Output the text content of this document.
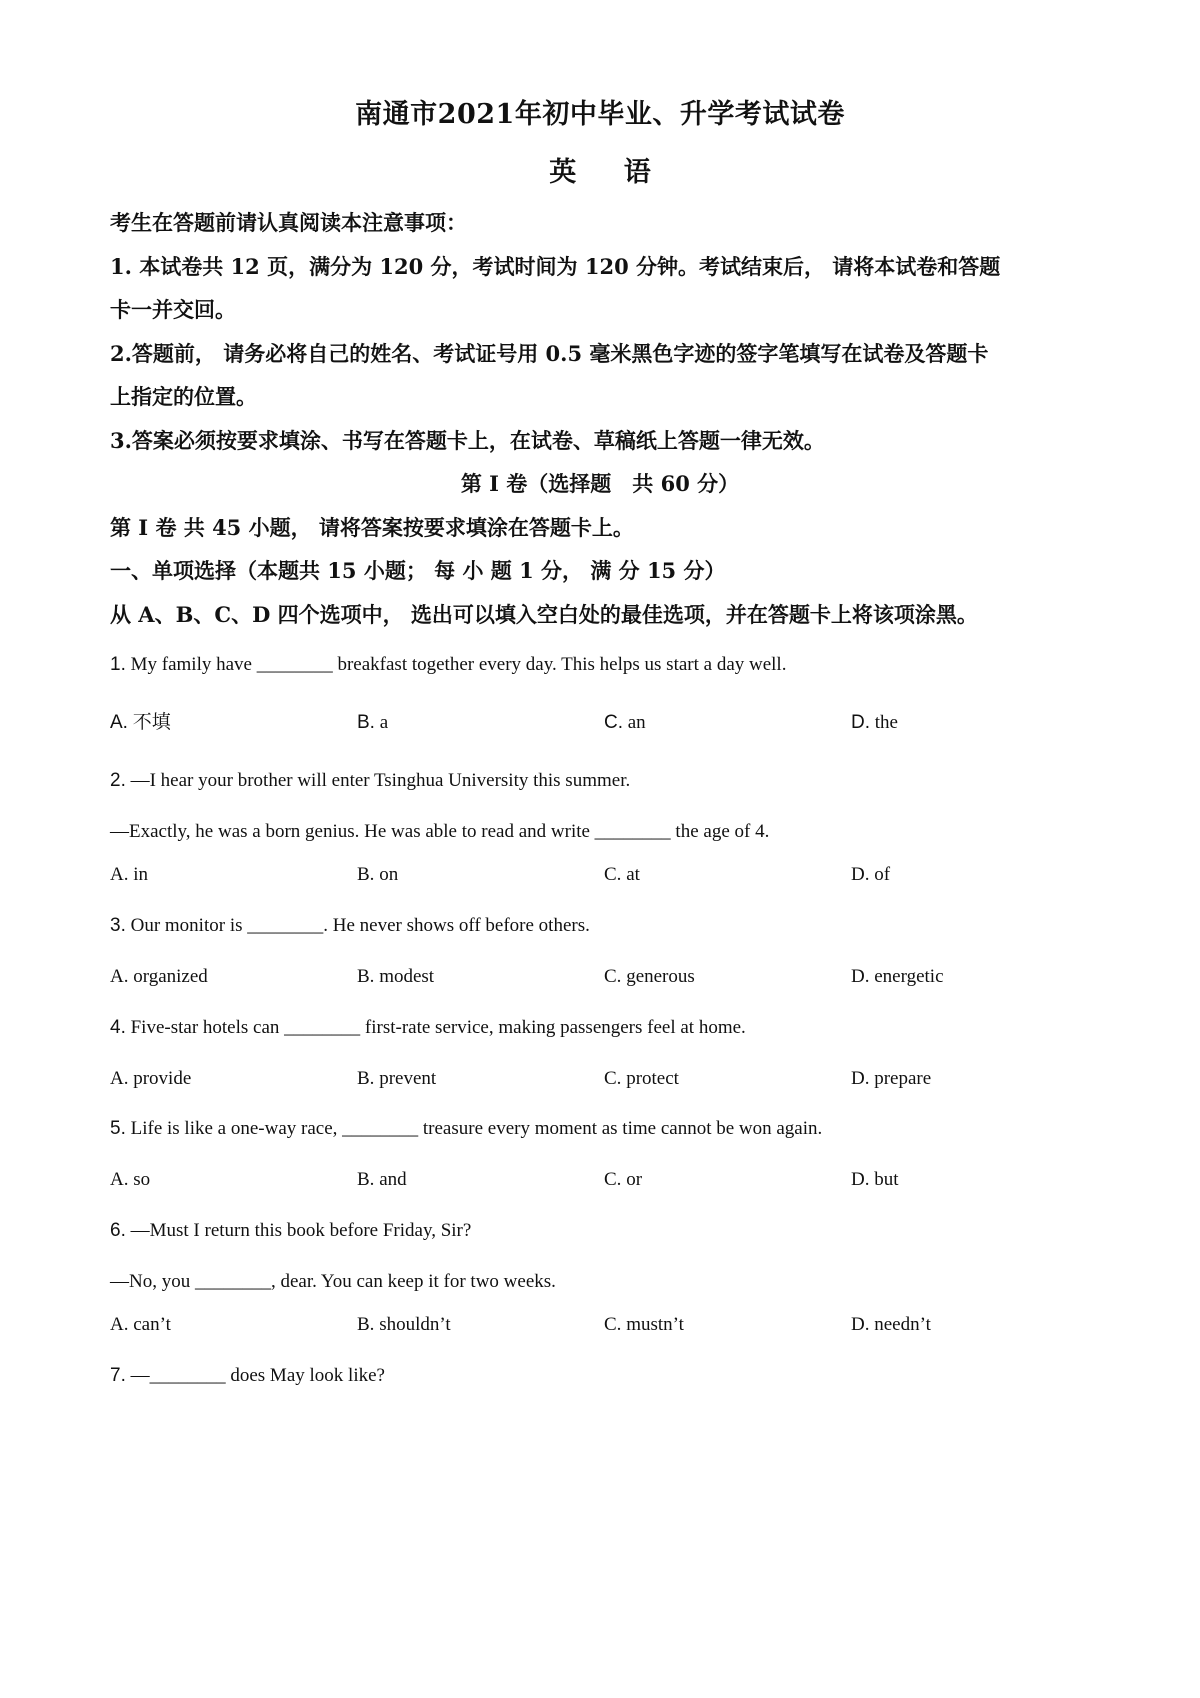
南通市2021年初中毕业、升学考试试卷
英 语
考生在答题前请认真阅读本注意事项：
1. 本试卷共 12 页，满分为 120 分，考试时间为 120 分钟。考试结束后， 请将本试卷和答题
卡一并交回。
2.答题前， 请务必将自己的姓名、考试证号用 0.5 毫米黑色字迹的签字笔填写在试卷及答题卡
上指定的位置。
3.答案必须按要求填涂、书写在答题卡上，在试卷、草稿纸上答题一律无效。
第 I 卷（选择题　共 60 分）
第 I 卷 共 45 小题， 请将答案按要求填涂在答题卡上。
一、单项选择（本题共 15 小题； 每 小 题 1 分， 满 分 15 分）
从 A、B、C、D 四个选项中， 选出可以填入空白处的最佳选项，并在答题卡上将该项涂黑。
1. My family have ________ breakfast together every day. This helps us start a day well.
A. 不填	B. a	C. an	D. the
2. —I hear your brother will enter Tsinghua University this summer.
—Exactly, he was a born genius. He was able to read and write ________ the age of 4.
A. in	B. on	C. at	D. of
3. Our monitor is ________. He never shows off before others.
A. organized	B. modest	C. generous	D. energetic
4. Five-star hotels can ________ first-rate service, making passengers feel at home.
A. provide	B. prevent	C. protect	D. prepare
5. Life is like a one-way race, ________ treasure every moment as time cannot be won again.
A. so	B. and	C. or	D. but
6. —Must I return this book before Friday, Sir?
—No, you ________, dear. You can keep it for two weeks.
A. can’t	B. shouldn’t	C. mustn’t	D. needn’t
7. —________ does May look like?
